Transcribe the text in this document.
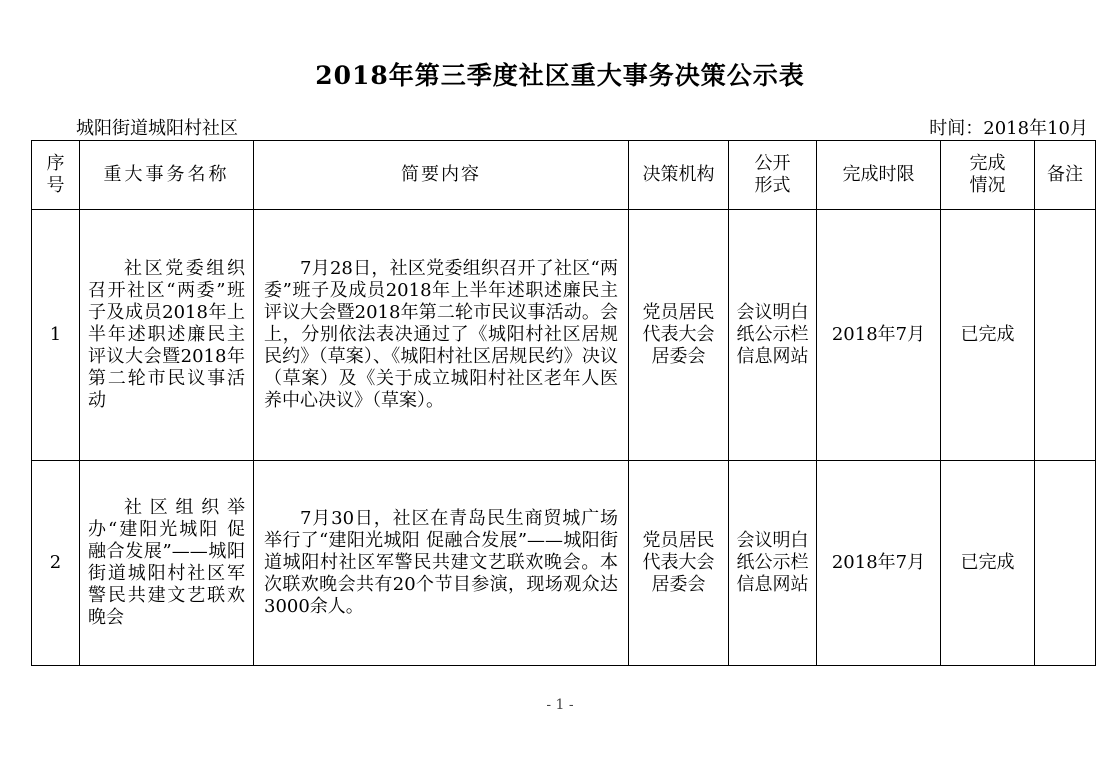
2018年第三季度社区重大事务决策公示表
城阳街道城阳村社区	时间：2018年10月
序号	重大事务名称	简要内容	决策机构	公开形式	完成时限	完成情况	备注
1	社区党委组织召开社区“两委”班子及成员2018年上半年述职述廉民主评议大会暨2018年第二轮市民议事活动	7月28日，社区党委组织召开了社区“两委”班子及成员2018年上半年述职述廉民主评议大会暨2018年第二轮市民议事活动。会上，分别依法表决通过了《城阳村社区居规民约》（草案）、《城阳村社区居规民约》决议（草案）及《关于成立城阳村社区老年人医养中心决议》（草案）。	党员居民代表大会居委会	会议明白纸公示栏信息网站	2018年7月	已完成	
2	社区组织举办“建阳光城阳 促融合发展”——城阳街道城阳村社区军警民共建文艺联欢晚会	7月30日，社区在青岛民生商贸城广场举行了“建阳光城阳 促融合发展”——城阳街道城阳村社区军警民共建文艺联欢晚会。本次联欢晚会共有20个节目参演，现场观众达3000余人。	党员居民代表大会居委会	会议明白纸公示栏信息网站	2018年7月	已完成	
- 1 -
